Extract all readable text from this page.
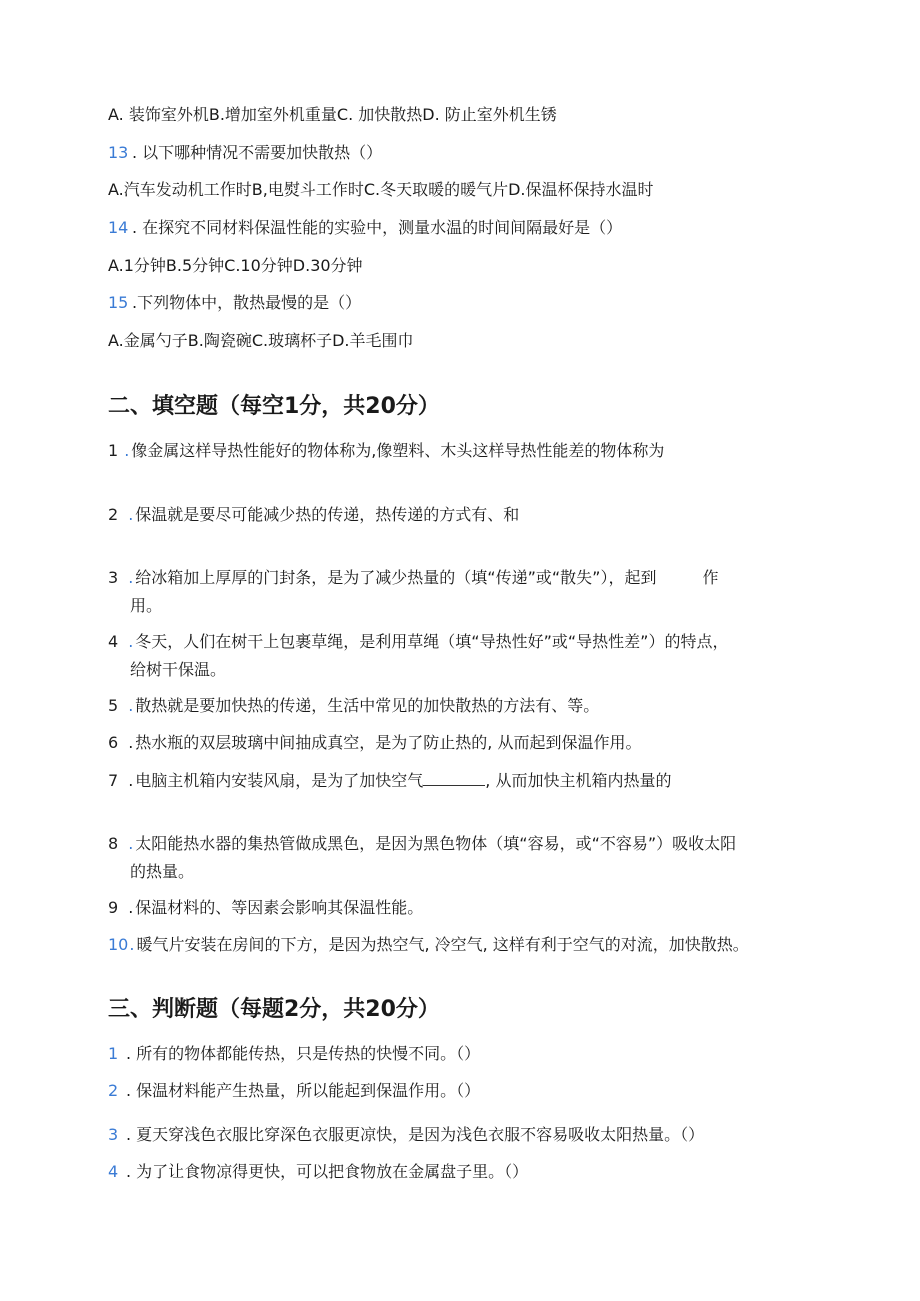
A. 装饰室外机B.增加室外机重量C. 加快散热D. 防止室外机生锈
13 . 以下哪种情况不需要加快散热（）
A.汽车发动机工作时B,电熨斗工作时C.冬天取暖的暖气片D.保温杯保持水温时
14 . 在探究不同材料保温性能的实验中，测量水温的时间间隔最好是（）
A.1分钟B.5分钟C.10分钟D.30分钟
15 .下列物体中，散热最慢的是（）
A.金属勺子B.陶瓷碗C.玻璃杯子D.羊毛围巾
二、填空题（每空1分，共20分）
1 . 像金属这样导热性能好的物体称为,像塑料、木头这样导热性能差的物体称为
2 . 保温就是要尽可能减少热的传递，热传递的方式有、和
3 . 给冰箱加上厚厚的门封条，是为了减少热量的（填“传递”或“散失”），起到	作
用。
4 . 冬天，人们在树干上包裹草绳，是利用草绳（填“导热性好”或“导热性差”）的特点，
给树干保温。
5 . 散热就是要加快热的传递，生活中常见的加快散热的方法有、等。
6 . 热水瓶的双层玻璃中间抽成真空，是为了防止热的, 从而起到保温作用。
7 . 电脑主机箱内安装风扇，是为了加快空气	, 从而加快主机箱内热量的
8 . 太阳能热水器的集热管做成黑色，是因为黑色物体（填“容易，或“不容易”）吸收太阳
的热量。
9 . 保温材料的、等因素会影响其保温性能。
10. 暖气片安装在房间的下方，是因为热空气, 冷空气, 这样有利于空气的对流，加快散热。
三、判断题（每题2分，共20分）
1 . 所有的物体都能传热，只是传热的快慢不同。（）
2 . 保温材料能产生热量，所以能起到保温作用。（）
3 . 夏天穿浅色衣服比穿深色衣服更凉快，是因为浅色衣服不容易吸收太阳热量。（）
4 . 为了让食物凉得更快，可以把食物放在金属盘子里。（）
